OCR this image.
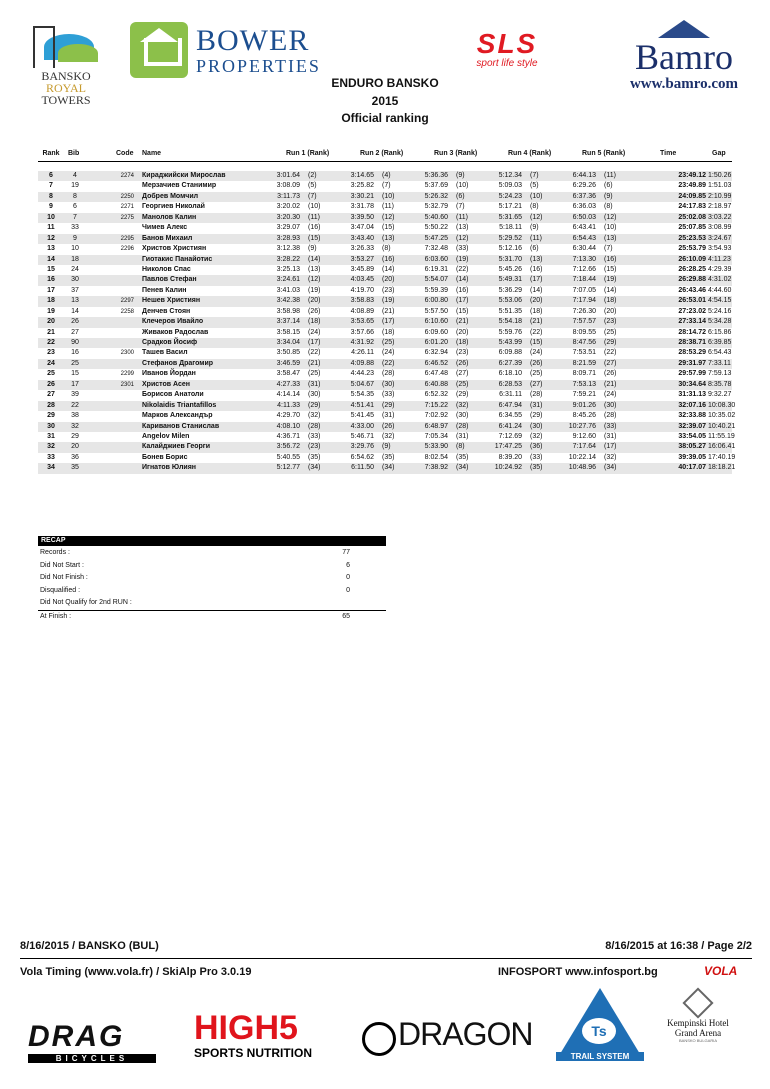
BANSKO
ROYAL
TOWERS
BOWER
PROPERTIES
SLS
sport life style	Bamro
www.bamro.com
ENDURO BANSKO
2015
Official ranking
Rank	Bib	Code Name	Run 1 (Rank)	Run 2 (Rank)	Run 3 (Rank)	Run 4 (Rank)	Run 5 (Rank)	Time	Gap
6	4	2274 Кираджийски Мирослав	3:01.64 (2)	3:14.65 (4)	5:36.36 (9)	5:12.34 (7)	6:44.13 (11)	23:49.12 1:50.26
7	19	Мерзачиев Станимир	3:08.09 (5)	3:25.82 (7)	5:37.69 (10)	5:09.03 (5)	6:29.26 (6)	23:49.89 1:51.03
8	8	2250 Добрев Момчил	3:11.73 (7)	3:30.21 (10)	5:26.32 (6)	5:24.23 (10)	6:37.36 (9)	24:09.85 2:10.99
9	6	2271 Георгиев Николай	3:20.02 (10)	3:31.78 (11)	5:32.79 (7)	5:17.21 (8)	6:36.03 (8)	24:17.83 2:18.97
10	7	2275 Манолов Калин	3:20.30 (11)	3:39.50 (12)	5:40.60 (11)	5:31.65 (12)	6:50.03 (12)	25:02.08 3:03.22
11	33	Чимев Алекс	3:29.07 (16)	3:47.04 (15)	5:50.22 (13)	5:18.11 (9)	6:43.41 (10)	25:07.85 3:08.99
12	9	2295 Банов Михаил	3:28.93 (15)	3:43.40 (13)	5:47.25 (12)	5:29.52 (11)	6:54.43 (13)	25:23.53 3:24.67
13	10	2296 Христов Християн	3:12.38 (9)	3:26.33 (8)	7:32.48 (33)	5:12.16 (6)	6:30.44 (7)	25:53.79 3:54.93
14	18	Гиотакис Панайотис	3:28.22 (14)	3:53.27 (16)	6:03.60 (19)	5:31.70 (13)	7:13.30 (16)	26:10.09 4:11.23
15	24	Николов Спас	3:25.13 (13)	3:45.89 (14)	6:19.31 (22)	5:45.26 (16)	7:12.66 (15)	26:28.25 4:29.39
16	30	Павлов Стефан	3:24.61 (12)	4:03.45 (20)	5:54.07 (14)	5:49.31 (17)	7:18.44 (19)	26:29.88 4:31.02
17	37	Пенев Калин	3:41.03 (19)	4:19.70 (23)	5:59.39 (16)	5:36.29 (14)	7:07.05 (14)	26:43.46 4:44.60
18	13	2297 Нешев Християн	3:42.38 (20)	3:58.83 (19)	6:00.80 (17)	5:53.06 (20)	7:17.94 (18)	26:53.01 4:54.15
19	14	2258 Денчев Стоян	3:58.98 (26)	4:08.89 (21)	5:57.50 (15)	5:51.35 (18)	7:26.30 (20)	27:23.02 5:24.16
20	26	Клечеров Ивайло	3:37.14 (18)	3:53.65 (17)	6:10.60 (21)	5:54.18 (21)	7:57.57 (23)	27:33.14 5:34.28
21	27	Живаков Радослав	3:58.15 (24)	3:57.66 (18)	6:09.60 (20)	5:59.76 (22)	8:09.55 (25)	28:14.72 6:15.86
22	90	Срадков Йосиф	3:34.04 (17)	4:31.92 (25)	6:01.20 (18)	5:43.99 (15)	8:47.56 (29)	28:38.71 6:39.85
23	16	2300 Ташев Васил	3:50.85 (22)	4:26.11 (24)	6:32.94 (23)	6:09.88 (24)	7:53.51 (22)	28:53.29 6:54.43
24	25	Стефанов Драгомир	3:46.59 (21)	4:09.88 (22)	6:46.52 (26)	6:27.39 (26)	8:21.59 (27)	29:31.97 7:33.11
25	15	2299 Иванов Йордан	3:58.47 (25)	4:44.23 (28)	6:47.48 (27)	6:18.10 (25)	8:09.71 (26)	29:57.99 7:59.13
26	17	2301 Христов Асен	4:27.33 (31)	5:04.67 (30)	6:40.88 (25)	6:28.53 (27)	7:53.13 (21)	30:34.64 8:35.78
27	39	Борисов Анатоли	4:14.14 (30)	5:54.35 (33)	6:52.32 (29)	6:31.11 (28)	7:59.21 (24)	31:31.13 9:32.27
28	22	Nikolaidis Triantafillos	4:11.33 (29)	4:51.41 (29)	7:15.22 (32)	6:47.94 (31)	9:01.26 (30)	32:07.16 10:08.30
29	38	Марков Александър	4:29.70 (32)	5:41.45 (31)	7:02.92 (30)	6:34.55 (29)	8:45.26 (28)	32:33.88 10:35.02
30	32	Кариванов Станислав	4:08.10 (28)	4:33.00 (26)	6:48.97 (28)	6:41.24 (30)	10:27.76 (33)	32:39.07 10:40.21
31	29	Angelov Milen	4:36.71 (33)	5:46.71 (32)	7:05.34 (31)	7:12.69 (32)	9:12.60 (31)	33:54.05 11:55.19
32	20	Калайджиев Георги	3:56.72 (23)	3:29.76 (9)	5:33.90 (8)	17:47.25 (36)	7:17.64 (17)	38:05.27 16:06.41
33	36	Бонев Борис	5:40.55 (35)	6:54.62 (35)	8:02.54 (35)	8:39.20 (33)	10:22.14 (32)	39:39.05 17:40.19
34	35	Игнатов Юлиян	5:12.77 (34)	6:11.50 (34)	7:38.92 (34)	10:24.92 (35)	10:48.96 (34)	40:17.07 18:18.21
RECAP
Records :	77
Did Not Start :	6
Did Not Finish :	0
Disqualified :	0
Did Not Qualify for 2nd RUN :
At Finish :	65
8/16/2015 / BANSKO (BUL)	8/16/2015 at 16:38 / Page 2/2
Vola Timing (www.vola.fr) / SkiAlp Pro 3.0.19	INFOSPORT www.infosport.bg	VOLA
DRAG
BICYCLES
HIGH5
SPORTS NUTRITION
DRAGON	Ts
TRAIL SYSTEM
Kempinski Hotel
Grand Arena
BANSKO BULGARIA
